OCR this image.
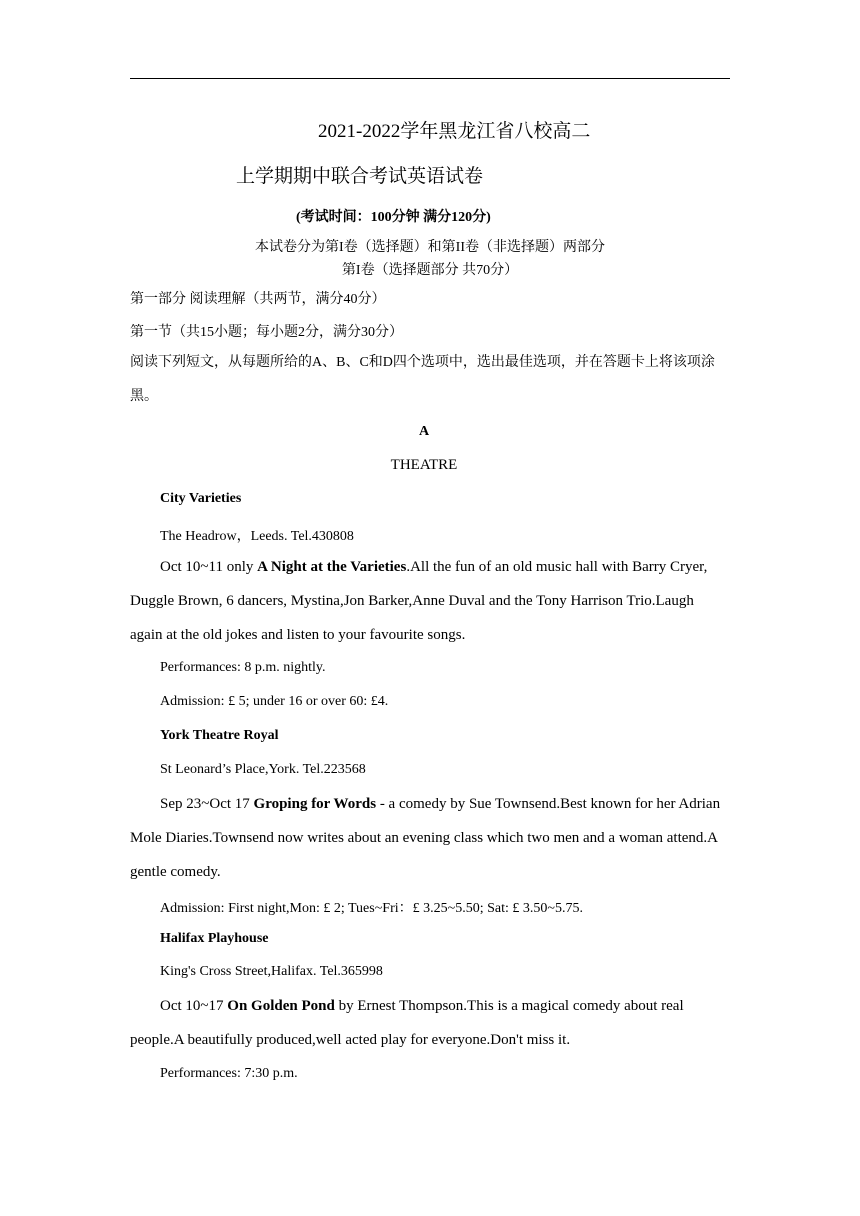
2021-2022学年黑龙江省八校高二
上学期期中联合考试英语试卷
(考试时间：100分钟 满分120分)
本试卷分为第I卷（选择题）和第II卷（非选择题）两部分
第I卷（选择题部分 共70分）
第一部分 阅读理解（共两节，满分40分）
第一节（共15小题；每小题2分，满分30分）
阅读下列短文，从每题所给的A、B、C和D四个选项中，选出最佳选项，并在答题卡上将该项涂黑。
A
THEATRE
City Varieties
The Headrow，Leeds. Tel.430808
Oct 10~11 only A Night at the Varieties.All the fun of an old music hall with Barry Cryer, Duggle Brown, 6 dancers, Mystina,Jon Barker,Anne Duval and the Tony Harrison Trio.Laugh again at the old jokes and listen to your favourite songs.
Performances: 8 p.m. nightly.
Admission: £ 5; under 16 or over 60: £4.
York Theatre Royal
St Leonard’s Place,York. Tel.223568
Sep 23~Oct 17 Groping for Words - a comedy by Sue Townsend.Best known for her Adrian Mole Diaries.Townsend now writes about an evening class which two men and a woman attend.A gentle comedy.
Admission: First night,Mon: £ 2; Tues~Fri：£ 3.25~5.50; Sat: £ 3.50~5.75.
Halifax Playhouse
King's Cross Street,Halifax. Tel.365998
Oct 10~17 On Golden Pond by Ernest Thompson.This is a magical comedy about real people.A beautifully produced,well acted play for everyone.Don't miss it.
Performances: 7:30 p.m.
